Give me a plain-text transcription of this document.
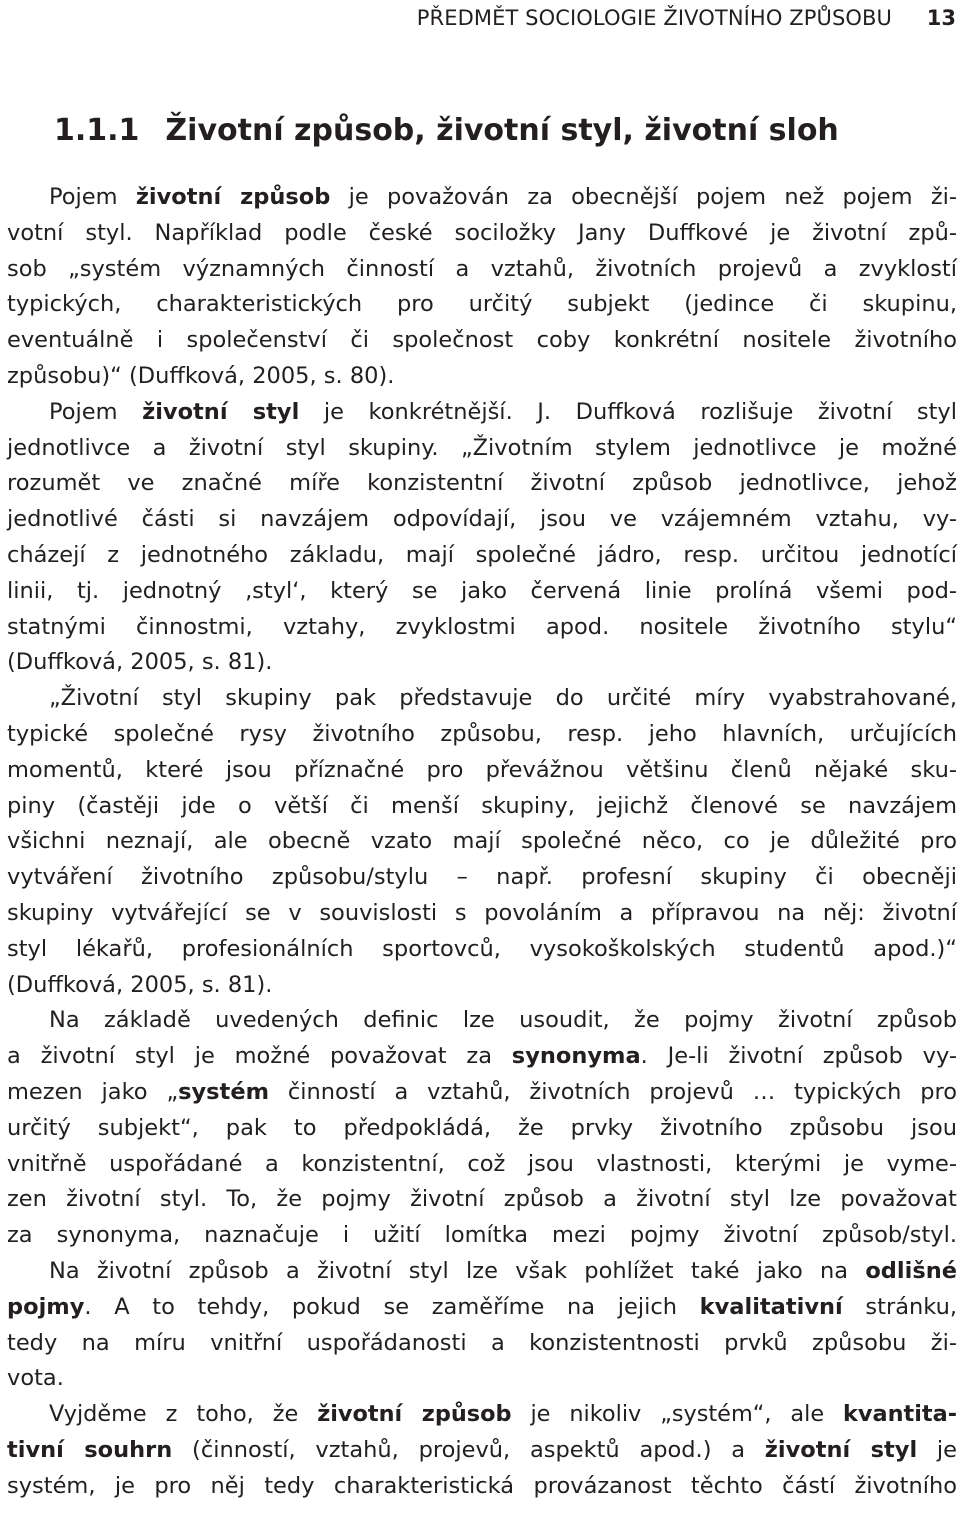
PŘEDMĚT SOCIOLOGIE ŽIVOTNÍHO ZPŮSOBU 13
1.1.1 Životní způsob, životní styl, životní sloh
Pojem životní způsob je považován za obecnější pojem než pojem ži-
votní styl. Například podle české sociložky Jany Duffkové je životní způ-
sob „systém významných činností a vztahů, životních projevů a zvyklostí
typických, charakteristických pro určitý subjekt (jedince či skupinu,
eventuálně i společenství či společnost coby konkrétní nositele životního
způsobu)“ (Duffková, 2005, s. 80).
Pojem životní styl je konkrétnější. J. Duffková rozlišuje životní styl
jednotlivce a životní styl skupiny. „Životním stylem jednotlivce je možné
rozumět ve značné míře konzistentní životní způsob jednotlivce, jehož
jednotlivé části si navzájem odpovídají, jsou ve vzájemném vztahu, vy-
cházejí z jednotného základu, mají společné jádro, resp. určitou jednotící
linii, tj. jednotný ‚styl‘, který se jako červená linie prolíná všemi pod-
statnými činnostmi, vztahy, zvyklostmi apod. nositele životního stylu“
(Duffková, 2005, s. 81).
„Životní styl skupiny pak představuje do určité míry vyabstrahované,
typické společné rysy životního způsobu, resp. jeho hlavních, určujících
momentů, které jsou příznačné pro převážnou většinu členů nějaké sku-
piny (častěji jde o větší či menší skupiny, jejichž členové se navzájem
všichni neznají, ale obecně vzato mají společné něco, co je důležité pro
vytváření životního způsobu/stylu – např. profesní skupiny či obecněji
skupiny vytvářející se v souvislosti s povoláním a přípravou na něj: životní
styl lékařů, profesionálních sportovců, vysokoškolských studentů apod.)“
(Duffková, 2005, s. 81).
Na základě uvedených definic lze usoudit, že pojmy životní způsob
a životní styl je možné považovat za synonyma. Je-li životní způsob vy-
mezen jako „systém činností a vztahů, životních projevů … typických pro
určitý subjekt“, pak to předpokládá, že prvky životního způsobu jsou
vnitřně uspořádané a konzistentní, což jsou vlastnosti, kterými je vyme-
zen životní styl. To, že pojmy životní způsob a životní styl lze považovat
za synonyma, naznačuje i užití lomítka mezi pojmy životní způsob/styl.
Na životní způsob a životní styl lze však pohlížet také jako na odlišné
pojmy. A to tehdy, pokud se zaměříme na jejich kvalitativní stránku,
tedy na míru vnitřní uspořádanosti a konzistentnosti prvků způsobu ži-
vota.
Vyjděme z toho, že životní způsob je nikoliv „systém“, ale kvantita-
tivní souhrn (činností, vztahů, projevů, aspektů apod.) a životní styl je
systém, je pro něj tedy charakteristická provázanost těchto částí životního
